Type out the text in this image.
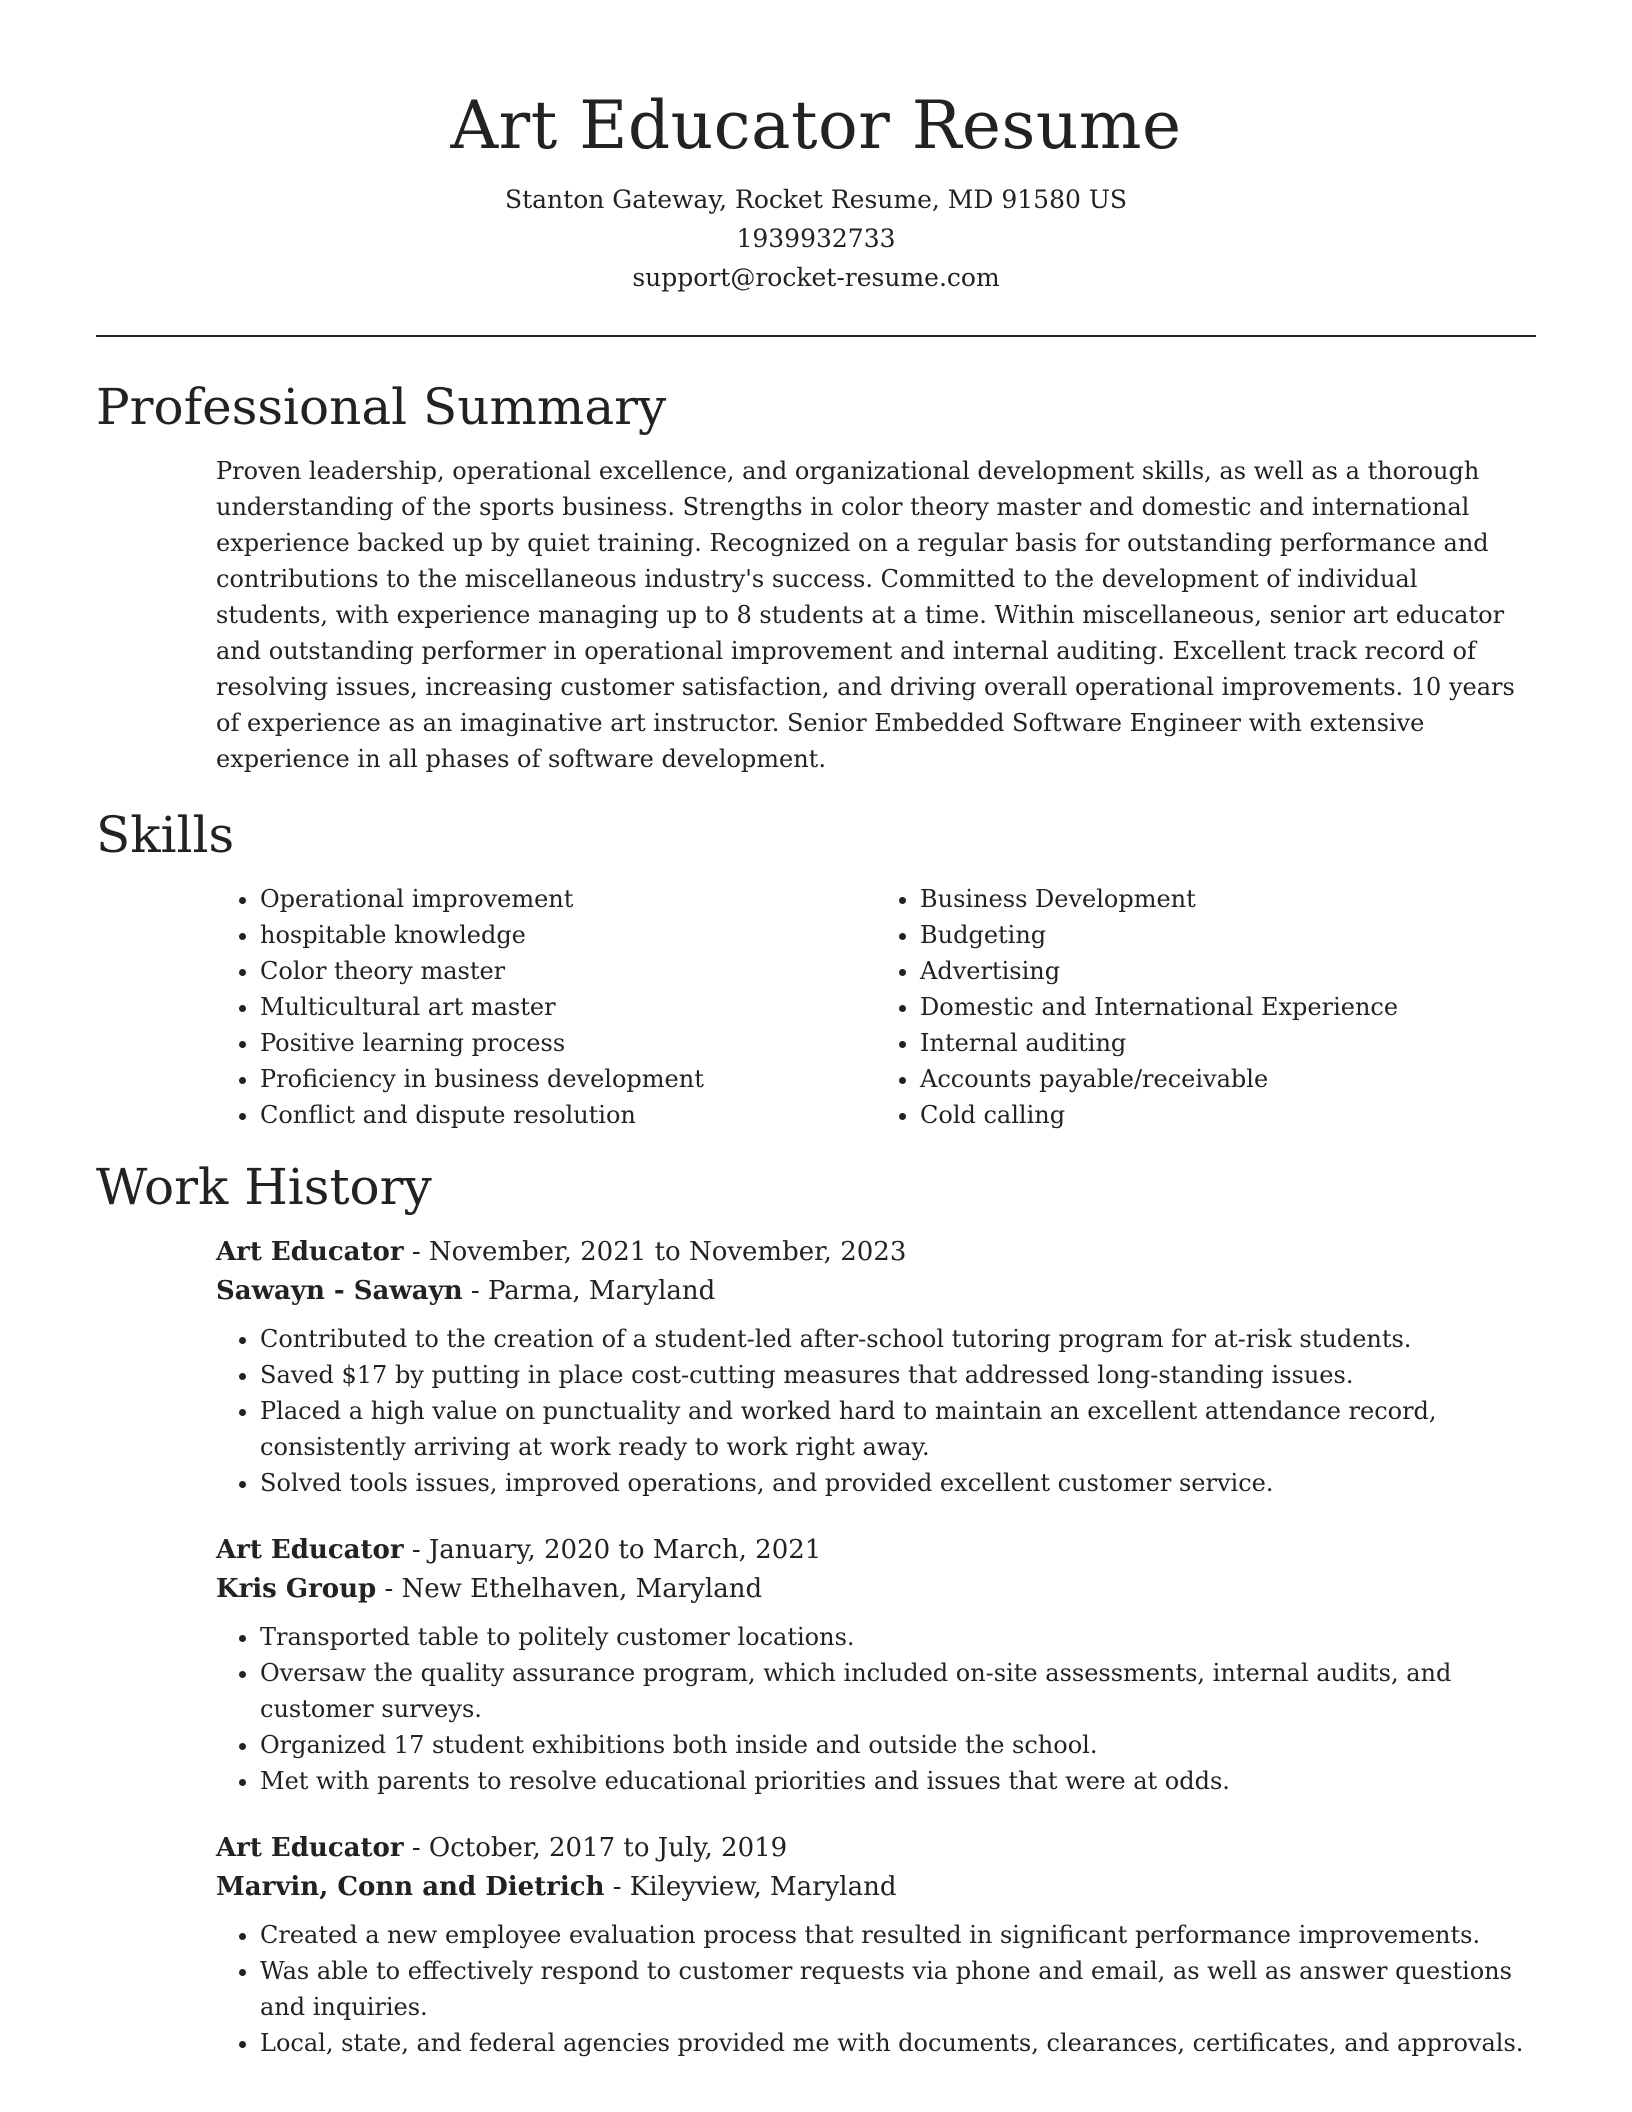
Art Educator Resume
Stanton Gateway, Rocket Resume, MD 91580 US
1939932733
support@rocket-resume.com
Professional Summary

Proven leadership, operational excellence, and organizational development skills, as well as a thorough understanding of the sports business. Strengths in color theory master and domestic and international experience backed up by quiet training. Recognized on a regular basis for outstanding performance and contributions to the miscellaneous industry's success. Committed to the development of individual students, with experience managing up to 8 students at a time. Within miscellaneous, senior art educator and outstanding performer in operational improvement and internal auditing. Excellent track record of resolving issues, increasing customer satisfaction, and driving overall operational improvements. 10 years of experience as an imaginative art instructor. Senior Embedded Software Engineer with extensive experience in all phases of software development.

Skills
• Operational improvement
• hospitable knowledge
• Color theory master
• Multicultural art master
• Positive learning process
• Proficiency in business development
• Conflict and dispute resolution
• Business Development
• Budgeting
• Advertising
• Domestic and International Experience
• Internal auditing
• Accounts payable/receivable
• Cold calling
Work History
Art Educator - November, 2021 to November, 2023
Sawayn - Sawayn - Parma, Maryland
• Contributed to the creation of a student-led after-school tutoring program for at-risk students.
• Saved $17 by putting in place cost-cutting measures that addressed long-standing issues.
• Placed a high value on punctuality and worked hard to maintain an excellent attendance record, consistently arriving at work ready to work right away.
• Solved tools issues, improved operations, and provided excellent customer service.
Art Educator - January, 2020 to March, 2021
Kris Group - New Ethelhaven, Maryland
• Transported table to politely customer locations.
• Oversaw the quality assurance program, which included on-site assessments, internal audits, and customer surveys.
• Organized 17 student exhibitions both inside and outside the school.
• Met with parents to resolve educational priorities and issues that were at odds.
Art Educator - October, 2017 to July, 2019
Marvin, Conn and Dietrich - Kileyview, Maryland
• Created a new employee evaluation process that resulted in significant performance improvements.
• Was able to effectively respond to customer requests via phone and email, as well as answer questions and inquiries.
• Local, state, and federal agencies provided me with documents, clearances, certificates, and approvals.
